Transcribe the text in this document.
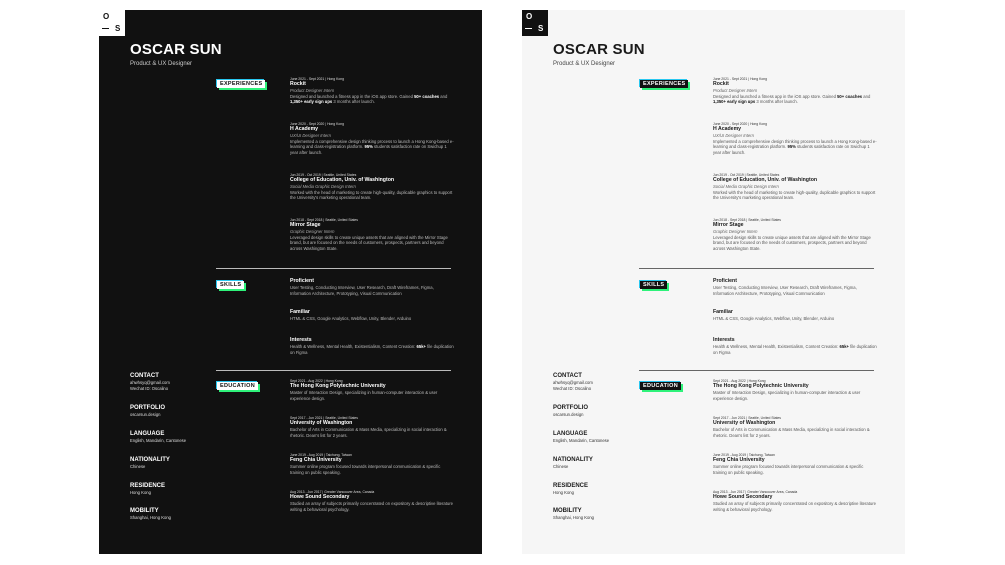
O
S
OSCAR SUN
Product & UX Designer
EXPERIENCES
June 2021 - Sept 2021 | Hong Kong
Rockit
Product Designer Intern
Designed and launched a fitness app in the iOS app store. Gained 50+ coaches and 1,350+ early sign ups 3 months after launch.
June 2020 - Sept 2020 | Hong Kong
H Academy
UX/UI Designer Intern
Implemented a comprehensive design thinking process to launch a Hong Kong-based e-learning and class-registration platform. 95% students satisfaction rate on Swichup 1 year after launch.
Jun 2019 - Oct 2019 | Seattle, United States
College of Education, Univ. of Washington
Social Media Graphic Design Intern
Worked with the head of marketing to create high-quality, duplicable graphics to support the University's marketing operational team.
Jun 2018 - Sept 2018 | Seattle, United States
Mirror Stage
Graphic Designer Intern
Leveraged design skills to create unique assets that are aligned with the Mirror Stage brand, but are focused on the needs of customers, prospects, partners and beyond across Washington State.
SKILLS
Proficient
User Testing, Conducting Interview, User Research, Draft Wireframes, Figma, Information Architecture, Prototyping, Visual Communication
Familiar
HTML & CSS, Google Analytics, Webflow, Unity, Blender, Arduino
Interests
Health & Wellness, Mental Health, Existentialism, Content Creation: 65k+ file duplication on Figma
EDUCATION
Sept 2021 - Aug 2022 | Hong Kong
The Hong Kong Polytechnic University
Master of Interaction Design, specializing in human-computer interaction & user experience design.
Sept 2017 - Jun 2021 | Seattle, United States
University of Washington
Bachelor of Arts in Communication & Mass Media, specializing in social interaction & rhetoric. Dean's list for 2 years.
June 2019 - Aug 2019 | Taichung, Taiwan
Feng Chia University
Summer online program focused towards interpersonal communication & specific training on public speaking.
Aug 2013 - Jun 2017 | Greater Vancouver Area, Canada
Howe Sound Secondary
Studied an array of subjects primarily concentrated on expository & descriptive literature writing & behavioral psychology.
CONTACT
ahwhsyq@gmail.com
Wechat ID: Oscalino
PORTFOLIO
oscarsun.design
LANGUAGE
English, Mandarin, Cantonese
NATIONALITY
Chinese
RESIDENCE
Hong Kong
MOBILITY
Shanghai, Hong Kong
O
S
OSCAR SUN
Product & UX Designer
EXPERIENCES
June 2021 - Sept 2021 | Hong Kong
Rockit
Product Designer Intern
Designed and launched a fitness app in the iOS app store. Gained 50+ coaches and 1,350+ early sign ups 3 months after launch.
June 2020 - Sept 2020 | Hong Kong
H Academy
UX/UI Designer Intern
Implemented a comprehensive design thinking process to launch a Hong Kong-based e-learning and class-registration platform. 95% students satisfaction rate on Swichup 1 year after launch.
Jun 2019 - Oct 2019 | Seattle, United States
College of Education, Univ. of Washington
Social Media Graphic Design Intern
Worked with the head of marketing to create high-quality, duplicable graphics to support the University's marketing operational team.
Jun 2018 - Sept 2018 | Seattle, United States
Mirror Stage
Graphic Designer Intern
Leveraged design skills to create unique assets that are aligned with the Mirror Stage brand, but are focused on the needs of customers, prospects, partners and beyond across Washington State.
SKILLS
Proficient
User Testing, Conducting Interview, User Research, Draft Wireframes, Figma, Information Architecture, Prototyping, Visual Communication
Familiar
HTML & CSS, Google Analytics, Webflow, Unity, Blender, Arduino
Interests
Health & Wellness, Mental Health, Existentialism, Content Creation: 65k+ file duplication on Figma
EDUCATION
Sept 2021 - Aug 2022 | Hong Kong
The Hong Kong Polytechnic University
Master of Interaction Design, specializing in human-computer interaction & user experience design.
Sept 2017 - Jun 2021 | Seattle, United States
University of Washington
Bachelor of Arts in Communication & Mass Media, specializing in social interaction & rhetoric. Dean's list for 2 years.
June 2019 - Aug 2019 | Taichung, Taiwan
Feng Chia University
Summer online program focused towards interpersonal communication & specific training on public speaking.
Aug 2013 - Jun 2017 | Greater Vancouver Area, Canada
Howe Sound Secondary
Studied an array of subjects primarily concentrated on expository & descriptive literature writing & behavioral psychology.
CONTACT
ahwhsyq@gmail.com
Wechat ID: Oscalino
PORTFOLIO
oscarsun.design
LANGUAGE
English, Mandarin, Cantonese
NATIONALITY
Chinese
RESIDENCE
Hong Kong
MOBILITY
Shanghai, Hong Kong
